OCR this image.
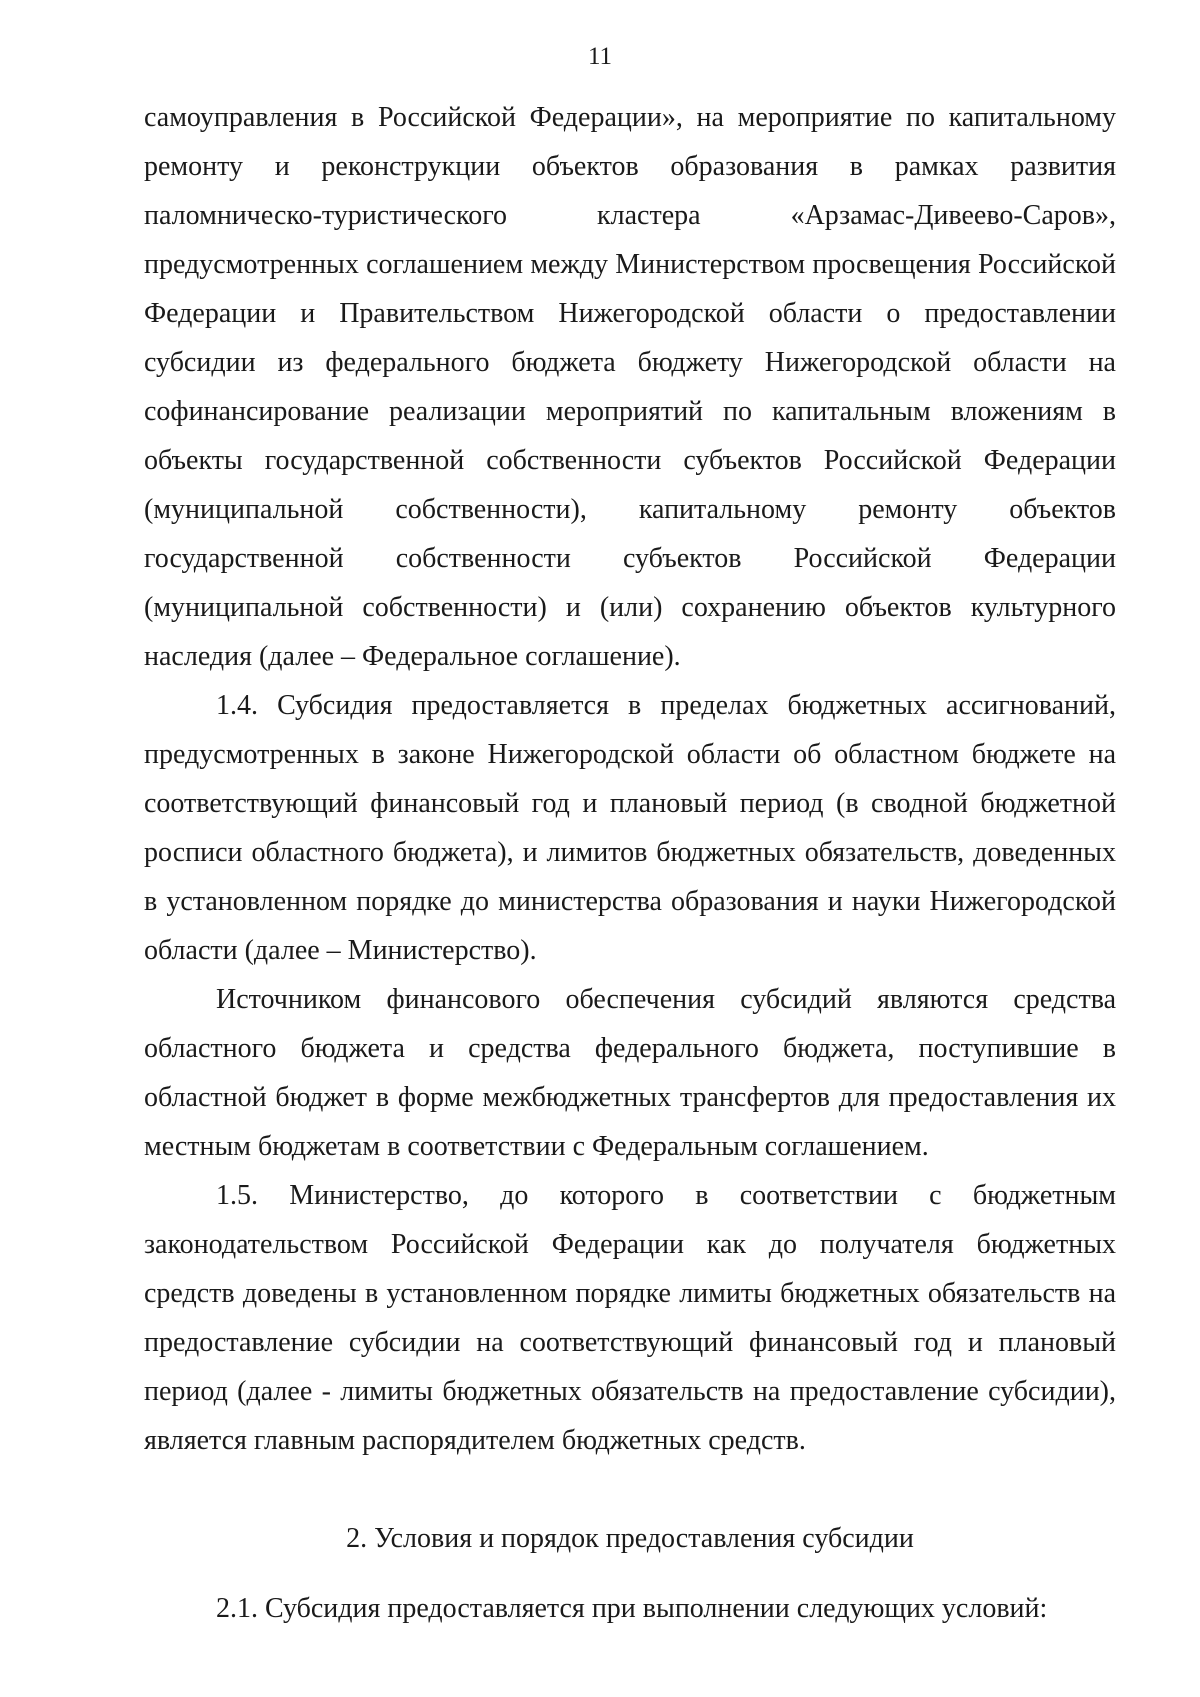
11

самоуправления в Российской Федерации», на мероприятие по капитальному ремонту и реконструкции объектов образования в рамках развития паломническо-туристического кластера «Арзамас-Дивеево-Саров», предусмотренных соглашением между Министерством просвещения Российской Федерации и Правительством Нижегородской области о предоставлении субсидии из федерального бюджета бюджету Нижегородской области на софинансирование реализации мероприятий по капитальным вложениям в объекты государственной собственности субъектов Российской Федерации (муниципальной собственности), капитальному ремонту объектов государственной собственности субъектов Российской Федерации (муниципальной собственности) и (или) сохранению объектов культурного наследия (далее – Федеральное соглашение).

1.4. Субсидия предоставляется в пределах бюджетных ассигнований, предусмотренных в законе Нижегородской области об областном бюджете на соответствующий финансовый год и плановый период (в сводной бюджетной росписи областного бюджета), и лимитов бюджетных обязательств, доведенных в установленном порядке до министерства образования и науки Нижегородской области (далее – Министерство).

Источником финансового обеспечения субсидий являются средства областного бюджета и средства федерального бюджета, поступившие в областной бюджет в форме межбюджетных трансфертов для предоставления их местным бюджетам в соответствии с Федеральным соглашением.

1.5. Министерство, до которого в соответствии с бюджетным законодательством Российской Федерации как до получателя бюджетных средств доведены в установленном порядке лимиты бюджетных обязательств на предоставление субсидии на соответствующий финансовый год и плановый период (далее - лимиты бюджетных обязательств на предоставление субсидии), является главным распорядителем бюджетных средств.

2. Условия и порядок предоставления субсидии

2.1. Субсидия предоставляется при выполнении следующих условий:
